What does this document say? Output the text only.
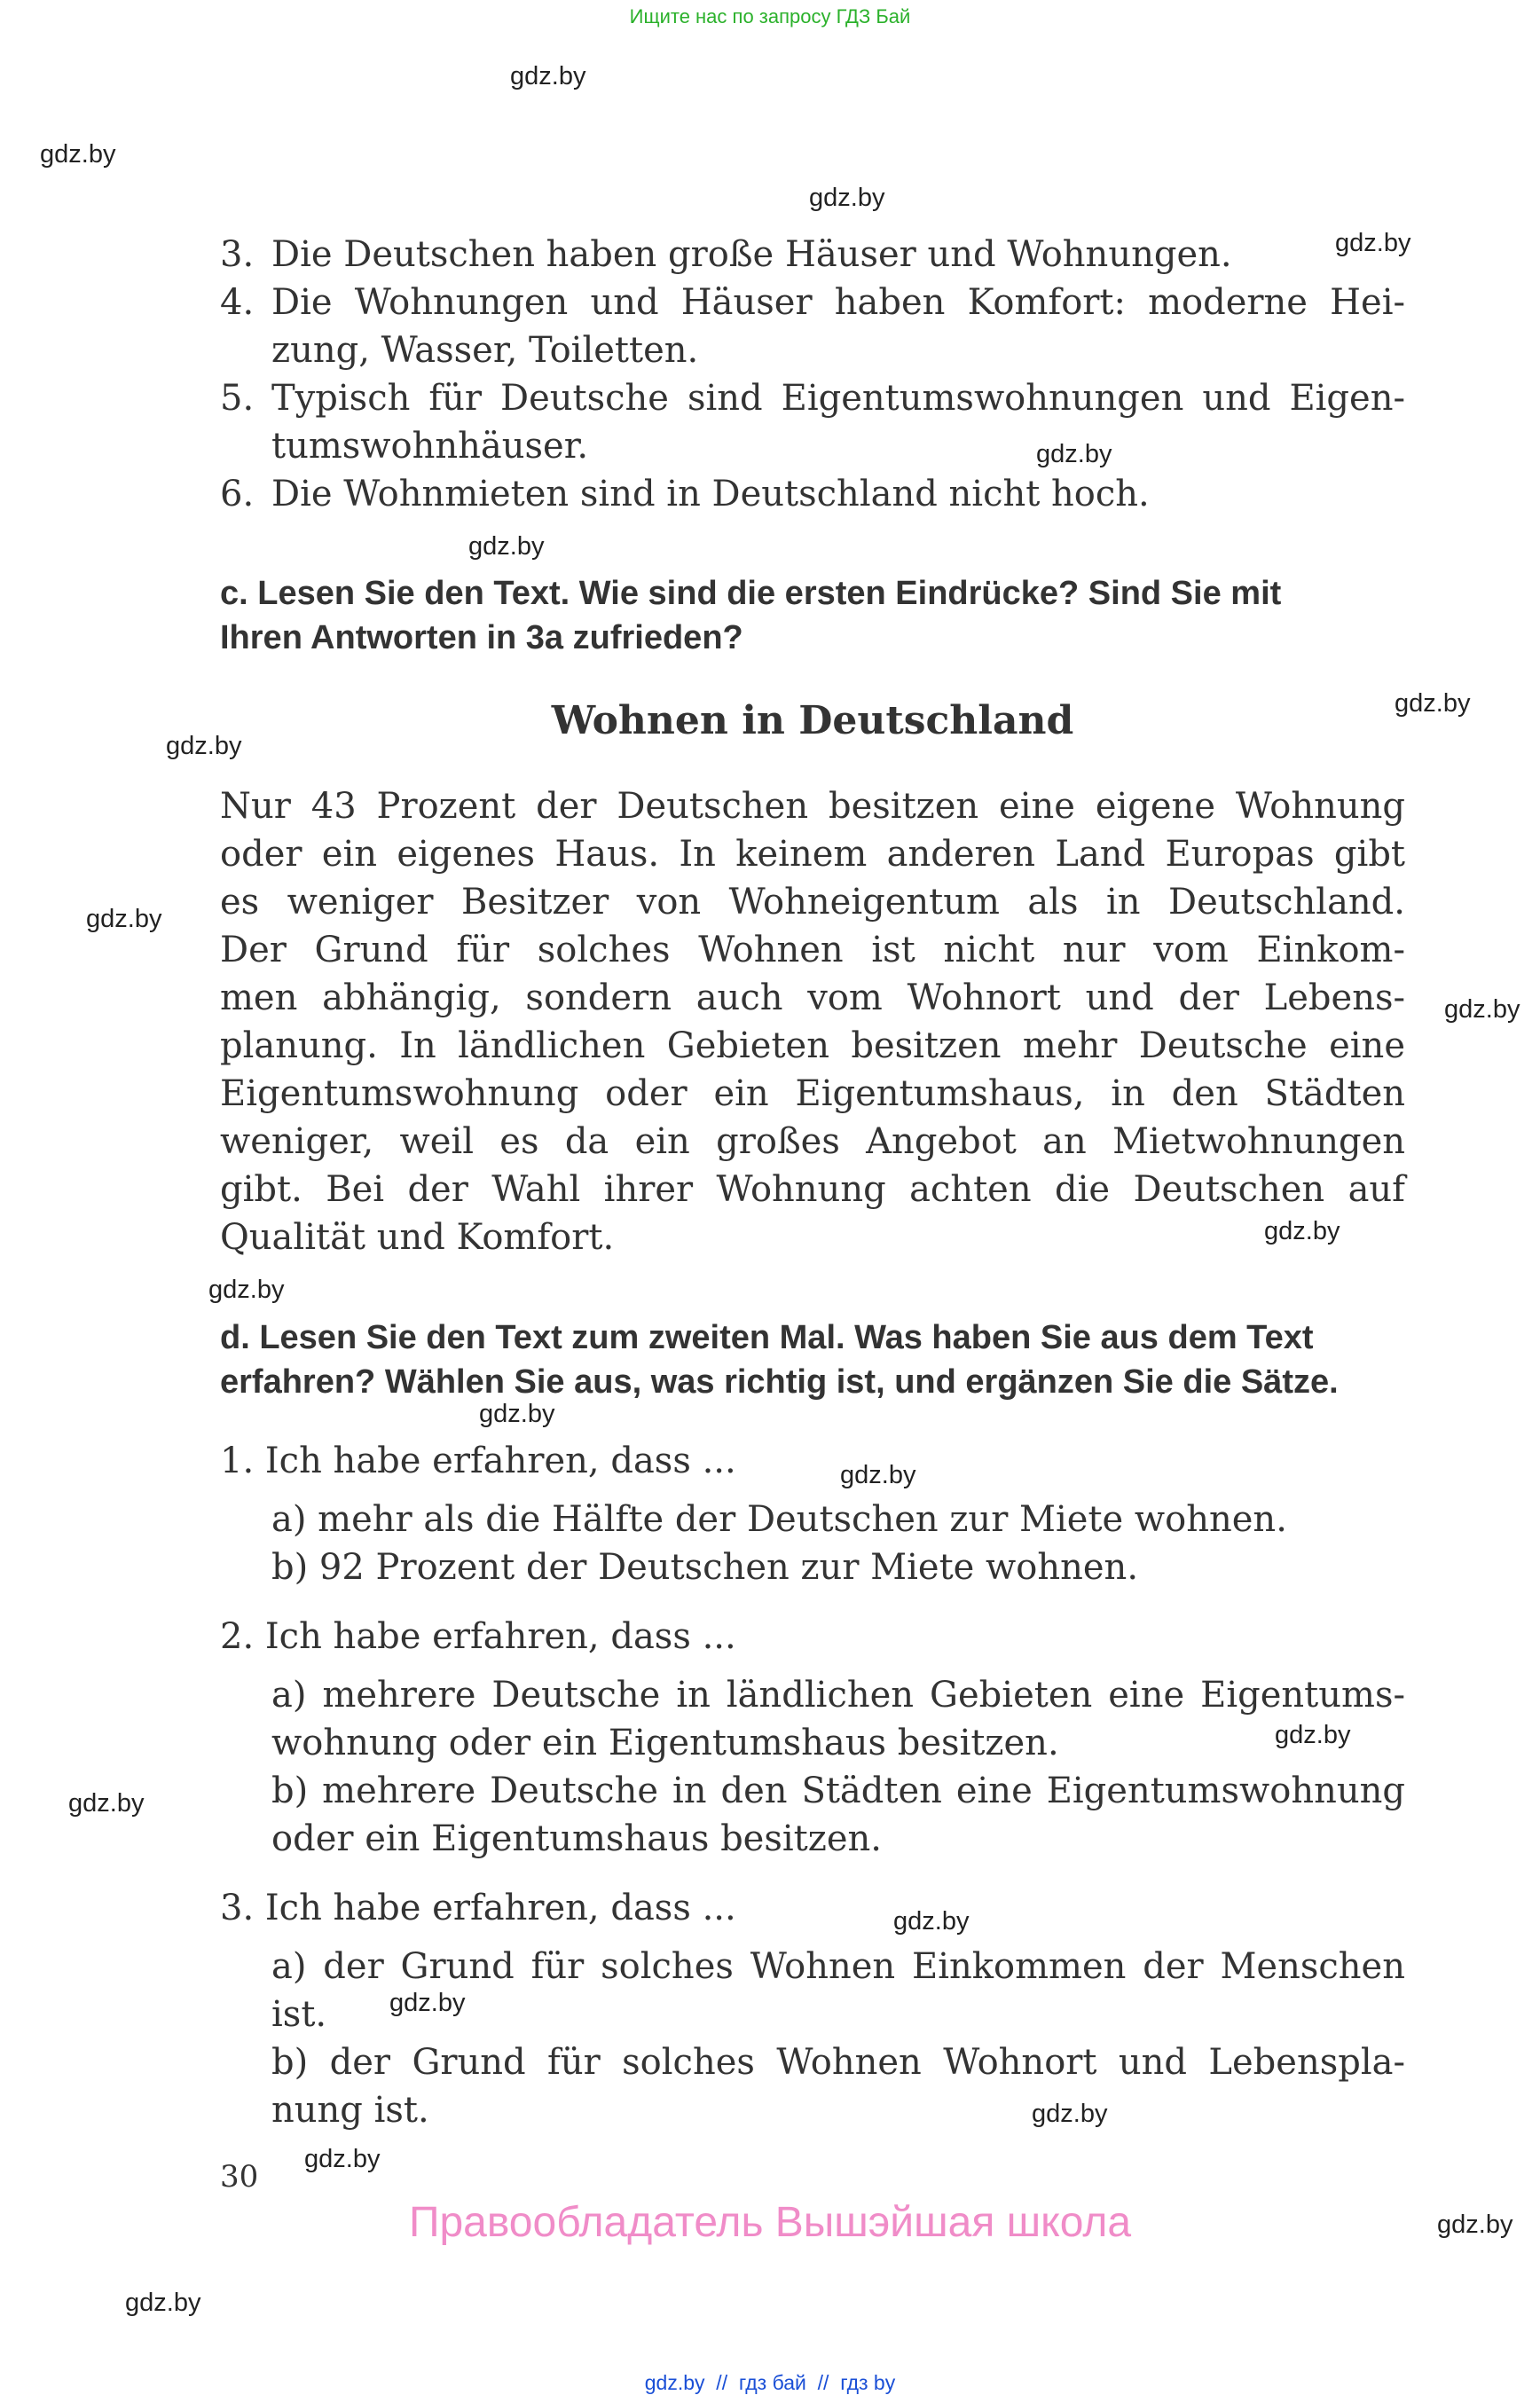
Ищите нас по запросу ГДЗ Бай
gdz.by
gdz.by
gdz.by
gdz.by
gdz.by
gdz.by
gdz.by
gdz.by
gdz.by
gdz.by
gdz.by
gdz.by
gdz.by
gdz.by
gdz.by
gdz.by
gdz.by
gdz.by
gdz.by
gdz.by
gdz.by
gdz.by
3. Die Deutschen haben große Häuser und Wohnungen.
4. Die Wohnungen und Häuser haben Komfort: moderne Hei-
zung, Wasser, Toiletten.
5. Typisch für Deutsche sind Eigentumswohnungen und Eigen-
tumswohnhäuser.
6. Die Wohnmieten sind in Deutschland nicht hoch.
c. Lesen Sie den Text. Wie sind die ersten Eindrücke? Sind Sie mit
Ihren Antworten in 3a zufrieden?
Wohnen in Deutschland
Nur 43 Prozent der Deutschen besitzen eine eigene Wohnung
oder ein eigenes Haus. In keinem anderen Land Europas gibt
es weniger Besitzer von Wohneigentum als in Deutschland.
Der Grund für solches Wohnen ist nicht nur vom Einkom-
men abhängig, sondern auch vom Wohnort und der Lebens-
planung. In ländlichen Gebieten besitzen mehr Deutsche eine
Eigentumswohnung oder ein Eigentumshaus, in den Städten
weniger, weil es da ein großes Angebot an Mietwohnungen
gibt. Bei der Wahl ihrer Wohnung achten die Deutschen auf
Qualität und Komfort.
d. Lesen Sie den Text zum zweiten Mal. Was haben Sie aus dem Text
erfahren? Wählen Sie aus, was richtig ist, und ergänzen Sie die Sätze.
1. Ich habe erfahren, dass ...
a) mehr als die Hälfte der Deutschen zur Miete wohnen.
b) 92 Prozent der Deutschen zur Miete wohnen.
2. Ich habe erfahren, dass ...
a) mehrere Deutsche in ländlichen Gebieten eine Eigentums-
wohnung oder ein Eigentumshaus besitzen.
b) mehrere Deutsche in den Städten eine Eigentumswohnung
oder ein Eigentumshaus besitzen.
3. Ich habe erfahren, dass ...
a) der Grund für solches Wohnen Einkommen der Menschen
ist.
b) der Grund für solches Wohnen Wohnort und Lebenspla-
nung ist.
30
Правообладатель Вышэйшая школа
gdz.by  //  гдз бай  //  гдз by
